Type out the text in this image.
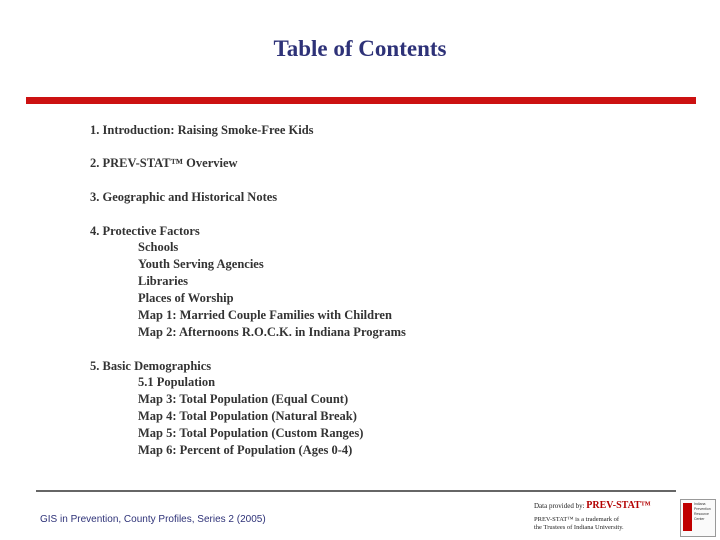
Table of Contents
1. Introduction: Raising Smoke-Free Kids
2. PREV-STAT™ Overview
3. Geographic and Historical Notes
4. Protective Factors
Schools
Youth Serving Agencies
Libraries
Places of Worship
Map 1: Married Couple Families with Children
Map 2: Afternoons R.O.C.K. in Indiana Programs
5. Basic Demographics
5.1 Population
Map 3: Total Population (Equal Count)
Map 4: Total Population (Natural Break)
Map 5: Total Population (Custom Ranges)
Map 6: Percent of Population (Ages 0-4)
GIS in Prevention, County Profiles, Series 2 (2005)
Data provided by: PREV-STAT™
PREV-STAT™ is a trademark of
the Trustees of Indiana University.
Indiana
Prevention
Resource
Center
